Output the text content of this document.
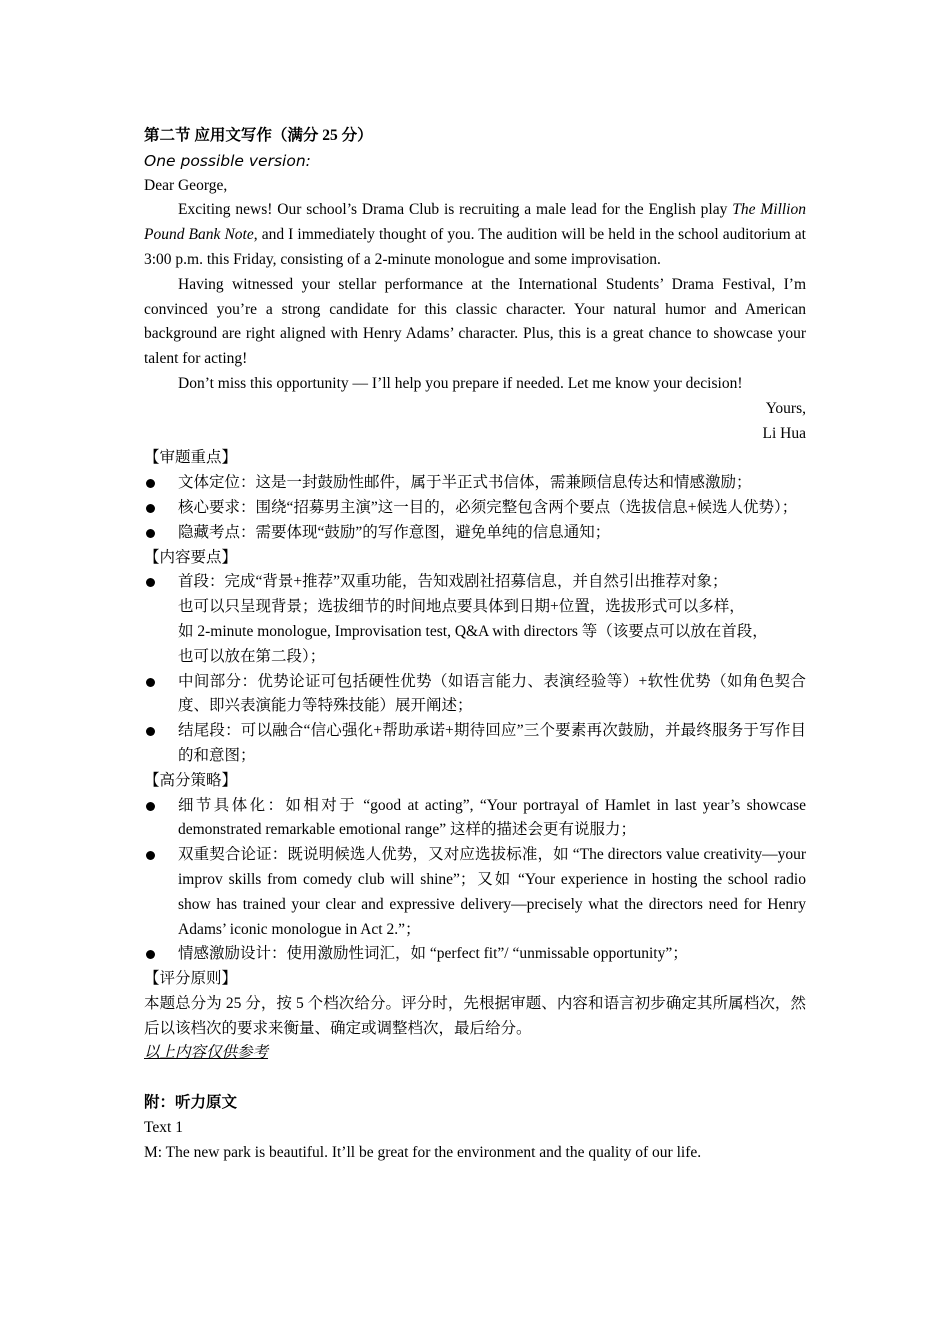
第二节 应用文写作（满分 25 分）
One possible version:
Dear George,

Exciting news! Our school’s Drama Club is recruiting a male lead for the English play The Million Pound Bank Note, and I immediately thought of you. The audition will be held in the school auditorium at 3:00 p.m. this Friday, consisting of a 2-minute monologue and some improvisation.

Having witnessed your stellar performance at the International Students’ Drama Festival, I’m convinced you’re a strong candidate for this classic character. Your natural humor and American background are right aligned with Henry Adams’ character. Plus, this is a great chance to showcase your talent for acting!

Don’t miss this opportunity — I’ll help you prepare if needed. Let me know your decision!

Yours,
Li Hua
【审题重点】
文体定位：这是一封鼓励性邮件，属于半正式书信体，需兼顾信息传达和情感激励；
核心要求：围绕“招募男主演”这一目的，必须完整包含两个要点（选拔信息+候选人优势）；
隐藏考点：需要体现“鼓励”的写作意图，避免单纯的信息通知；
【内容要点】
首段：完成“背景+推荐”双重功能，告知戏剧社招募信息，并自然引出推荐对象；
也可以只呈现背景；选拔细节的时间地点要具体到日期+位置，选拔形式可以多样，
如 2-minute monologue, Improvisation test, Q&A with directors 等（该要点可以放在首段，
也可以放在第二段）；
中间部分：优势论证可包括硬性优势（如语言能力、表演经验等）+软性优势（如角色契合度、即兴表演能力等特殊技能）展开阐述；
结尾段：可以融合“信心强化+帮助承诺+期待回应”三个要素再次鼓励，并最终服务于写作目的和意图；
【高分策略】
细节具体化：如相对于 “good at acting”, “Your portrayal of Hamlet in last year’s showcase demonstrated remarkable emotional range” 这样的描述会更有说服力；
双重契合论证：既说明候选人优势，又对应选拔标准，如 “The directors value creativity—your improv skills from comedy club will shine”；又如 “Your experience in hosting the school radio show has trained your clear and expressive delivery—precisely what the directors need for Henry Adams’ iconic monologue in Act 2.”；
情感激励设计：使用激励性词汇，如 “perfect fit”/ “unmissable opportunity”；
【评分原则】
本题总分为 25 分，按 5 个档次给分。评分时，先根据审题、内容和语言初步确定其所属档次，然后以该档次的要求来衡量、确定或调整档次，最后给分。
以上内容仅供参考
附：听力原文
Text 1
M: The new park is beautiful. It’ll be great for the environment and the quality of our life.
